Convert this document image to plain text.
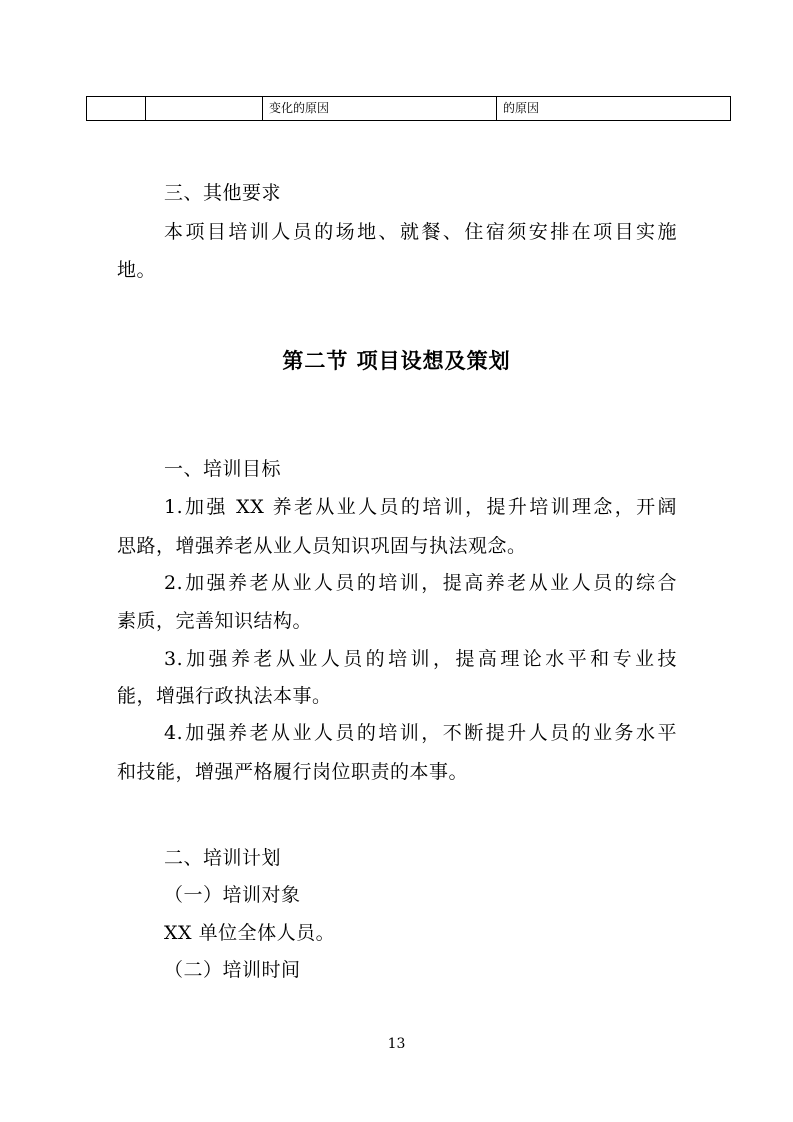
		变化的原因	的原因
三、其他要求
本项目培训人员的场地、就餐、住宿须安排在项目实施
地。
第二节 项目设想及策划
一、培训目标
1.加强 XX 养老从业人员的培训，提升培训理念，开阔
思路，增强养老从业人员知识巩固与执法观念。
2.加强养老从业人员的培训，提高养老从业人员的综合
素质，完善知识结构。
3.加强养老从业人员的培训，提高理论水平和专业技
能，增强行政执法本事。
4.加强养老从业人员的培训，不断提升人员的业务水平
和技能，增强严格履行岗位职责的本事。
二、培训计划
（一）培训对象
XX 单位全体人员。
（二）培训时间
13
